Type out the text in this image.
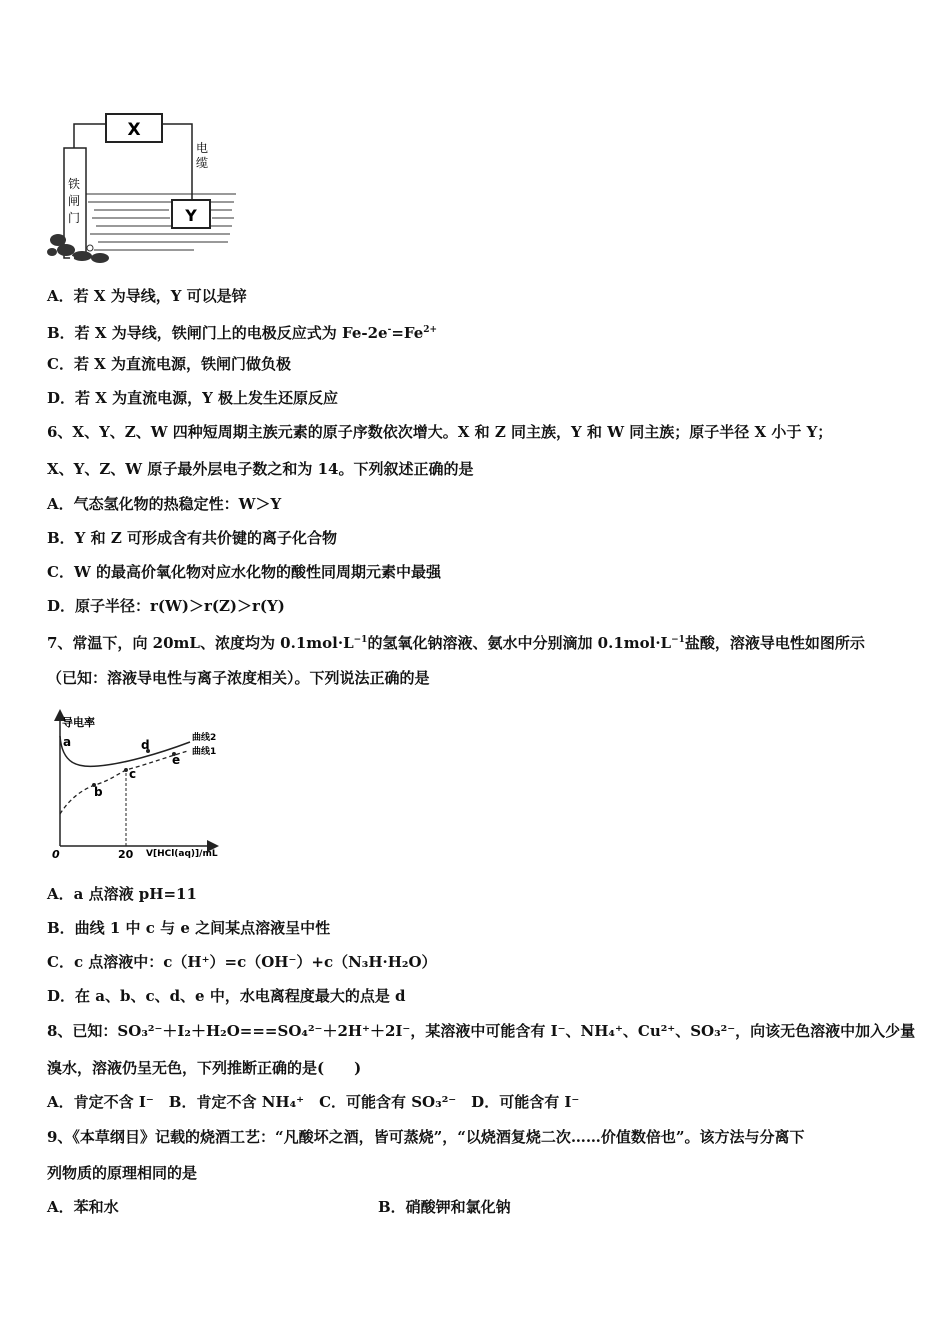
X
Y
电
缆
铁
闸
门
A．若 X 为导线，Y 可以是锌
B．若 X 为导线，铁闸门上的电极反应式为 $Fe-2e^-=Fe^{2+}$
C．若 X 为直流电源，铁闸门做负极
D．若 X 为直流电源，Y 极上发生还原反应
6、X、Y、Z、W 四种短周期主族元素的原子序数依次增大。X 和 Z 同主族，Y 和 W 同主族；原子半径 X 小于 Y；
X、Y、Z、W 原子最外层电子数之和为 14。下列叙述正确的是
A．气态氢化物的热稳定性：W＞Y
B．Y 和 Z 可形成含有共价键的离子化合物
C．W 的最高价氧化物对应水化物的酸性同周期元素中最强
D．原子半径：r(W)＞r(Z)＞r(Y)
7、常温下，向 20mL、浓度均为 $0.1mol\cdot L^{-1}$的氢氧化钠溶液、氨水中分别滴加 $0.1mol\cdot L^{-1}$盐酸，溶液导电性如图所示
（已知：溶液导电性与离子浓度相关）。下列说法正确的是
导电率
0	20 V[HCl(aq)]/mL
a
b
c
d
e
曲线2
曲线1
A．a 点溶液 pH=11
B．曲线 1 中 c 与 e 之间某点溶液呈中性
C．c 点溶液中：c（H⁺）=c（OH⁻）+c（N₃H·H₂O）
D．在 a、b、c、d、e 中，水电离程度最大的点是 d
8、已知：SO₃²⁻＋I₂＋H₂O===SO₄²⁻＋2H⁺＋2I⁻，某溶液中可能含有 I⁻、NH₄⁺、Cu²⁺、SO₃²⁻，向该无色溶液中加入少量
溴水，溶液仍呈无色，下列推断正确的是(　　)
A．肯定不含 I⁻　B．肯定不含 NH₄⁺　C．可能含有 SO₃²⁻　D．可能含有 I⁻
9、《本草纲目》记载的烧酒工艺：“凡酸坏之酒，皆可蒸烧”，“以烧酒复烧二次……价值数倍也”。该方法与分离下
列物质的原理相同的是
A．苯和水	B．硝酸钾和氯化钠
